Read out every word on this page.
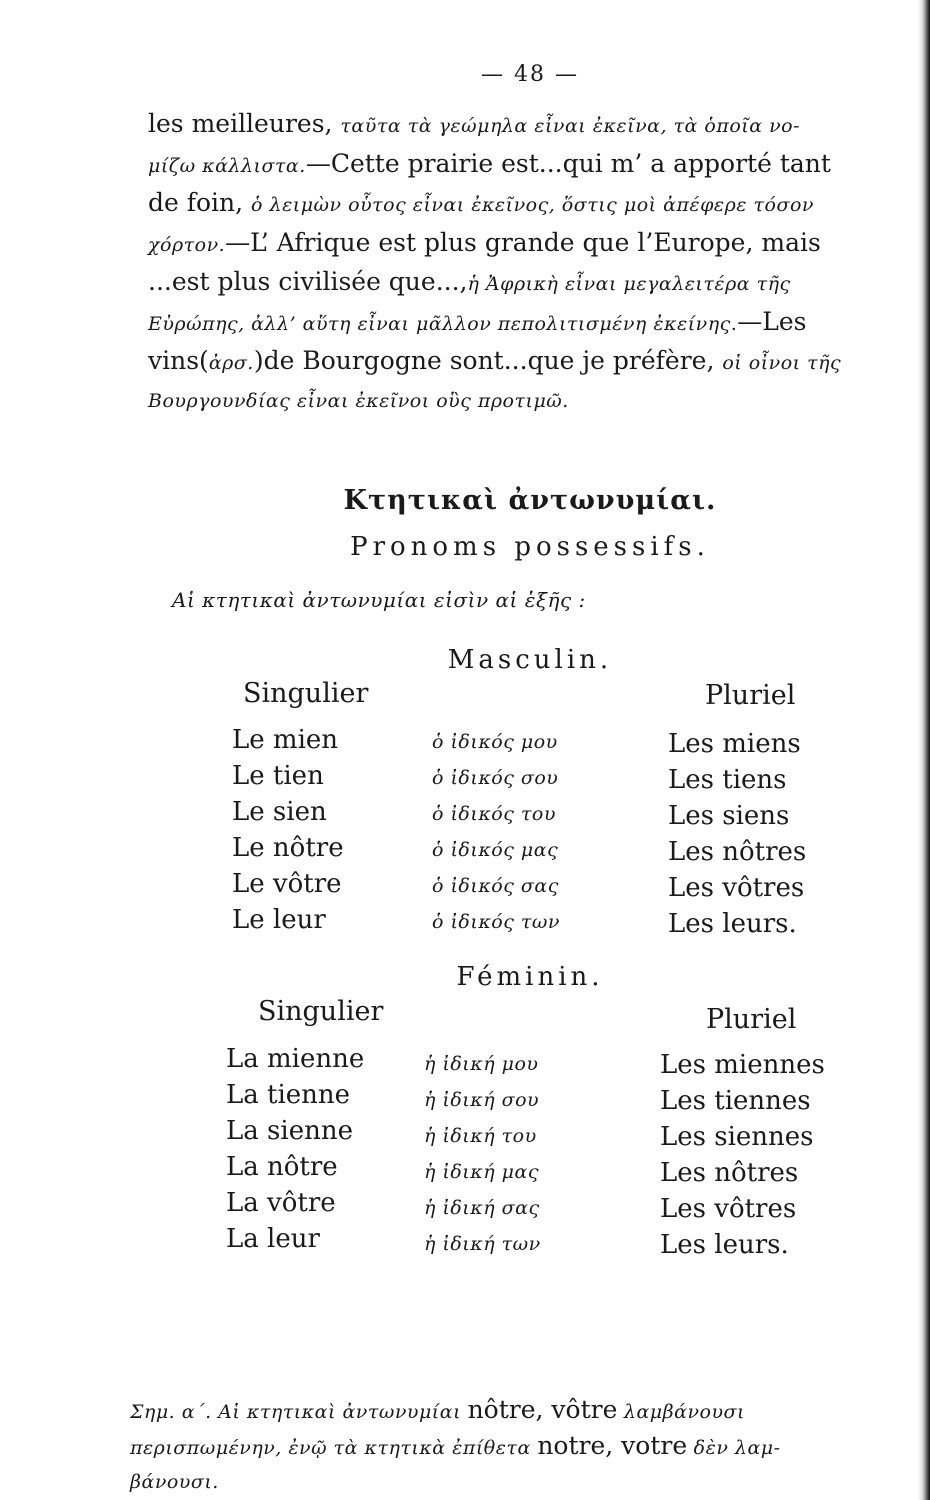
— 48 —
les meilleures, ταῦτα τὰ γεώμηλα εἶναι ἐκεῖνα, τὰ ὁποῖα νο-
μίζω κάλλιστα.—Cette prairie est...qui m’ a apporté tant
de foin, ὁ λειμὼν οὗτος εἶναι ἐκεῖνος, ὅστις μοὶ ἀπέφερε τόσον
χόρτον.—L’ Afrique est plus grande que l’Europe, mais
...est plus civilisée que...,ἡ Ἀφρικὴ εἶναι μεγαλειτέρα τῆς
Εὐρώπης, ἀλλ’ αὕτη εἶναι μᾶλλον πεπολιτισμένη ἐκείνης.—Les
vins(ἀρσ.)de Bourgogne sont...que je préfère, οἱ οἶνοι τῆς
Βουργουνδίας εἶναι ἐκεῖνοι οὓς προτιμῶ.
Κτητικαὶ ἀντωνυμίαι.
Pronoms possessifs.
Αἱ κτητικαὶ ἀντωνυμίαι εἰσὶν αἱ ἑξῆς :
Masculin.
Singulier	Pluriel
Le mien
Le tien
Le sien
Le nôtre
Le vôtre
Le leur
ὁ ἰδικός μου
ὁ ἰδικός σου
ὁ ἰδικός του
ὁ ἰδικός μας
ὁ ἰδικός σας
ὁ ἰδικός των
Les miens
Les tiens
Les siens
Les nôtres
Les vôtres
Les leurs.
Féminin.
Singulier	Pluriel
La mienne
La tienne
La sienne
La nôtre
La vôtre
La leur
ἡ ἰδική μου
ἡ ἰδική σου
ἡ ἰδική του
ἡ ἰδική μας
ἡ ἰδική σας
ἡ ἰδική των
Les miennes
Les tiennes
Les siennes
Les nôtres
Les vôtres
Les leurs.
Σημ. α΄. Αἱ κτητικαὶ ἀντωνυμίαι nôtre, vôtre λαμβάνουσι
περισπωμένην, ἐνῷ τὰ κτητικὰ ἐπίθετα notre, votre δὲν λαμ-
βάνουσι.
